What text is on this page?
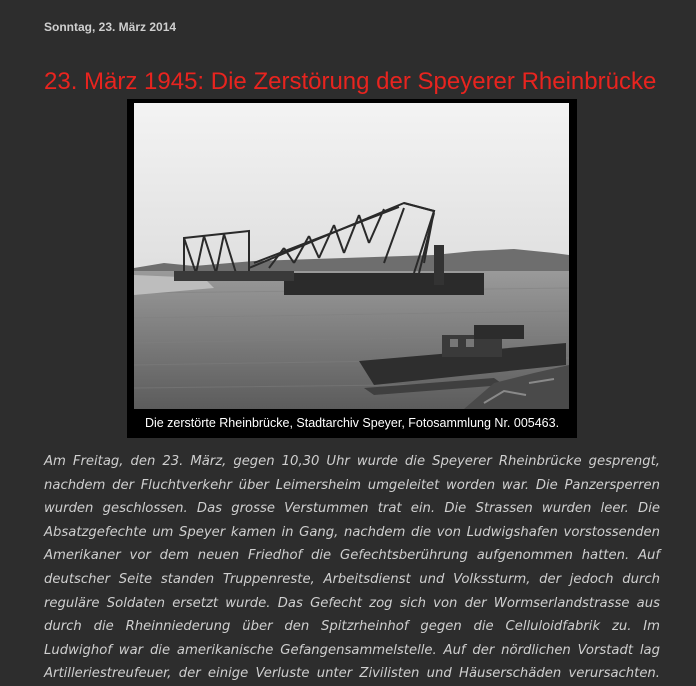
Sonntag, 23. März 2014
23. März 1945: Die Zerstörung der Speyerer Rheinbrücke
Die zerstörte Rheinbrücke, Stadtarchiv Speyer, Fotosammlung Nr. 005463.
Am Freitag, den 23. März, gegen 10,30 Uhr wurde die Speyerer Rheinbrücke gesprengt,
nachdem der Fluchtverkehr über Leimersheim umgeleitet worden war. Die Panzersperren
wurden geschlossen. Das grosse Verstummen trat ein. Die Strassen wurden leer. Die
Absatzgefechte um Speyer kamen in Gang, nachdem die von Ludwigshafen vorstossenden
Amerikaner vor dem neuen Friedhof die Gefechtsberührung aufgenommen hatten. Auf
deutscher Seite standen Truppenreste, Arbeitsdienst und Volkssturm, der jedoch durch
reguläre Soldaten ersetzt wurde. Das Gefecht zog sich von der Wormserlandstrasse aus
durch die Rheinniederung über den Spitzrheinhof gegen die Celluloidfabrik zu. Im
Ludwighof war die amerikanische Gefangensammelstelle. Auf der nördlichen Vorstadt lag
Artilleriestreufeuer, der einige Verluste unter Zivilisten und Häuserschäden verursachten.
